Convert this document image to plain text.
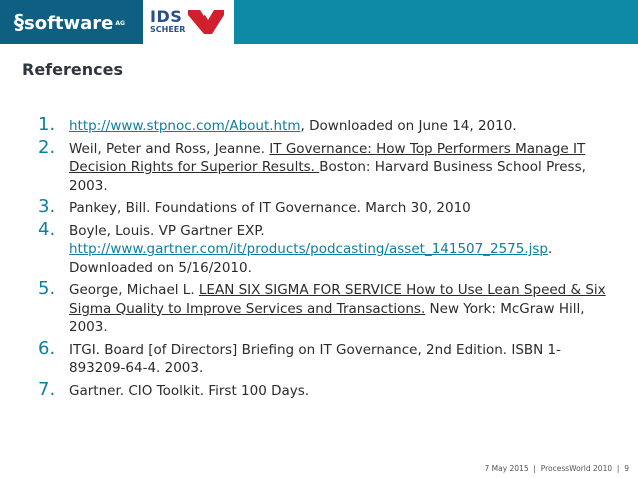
§software AG IDS
SCHEER
References
1. http://www.stpnoc.com/About.htm, Downloaded on June 14, 2010.
2. Weil, Peter and Ross, Jeanne. IT Governance: How Top Performers Manage IT Decision Rights for Superior Results. Boston: Harvard Business School Press, 2003.
3. Pankey, Bill. Foundations of IT Governance. March 30, 2010
4. Boyle, Louis. VP Gartner EXP.
http://www.gartner.com/it/products/podcasting/asset_141507_2575.jsp. Downloaded on 5/16/2010.
5. George, Michael L. LEAN SIX SIGMA FOR SERVICE How to Use Lean Speed & Six Sigma Quality to Improve Services and Transactions. New York: McGraw Hill, 2003.
6. ITGI. Board [of Directors] Briefing on IT Governance, 2nd Edition. ISBN 1-893209-64-4. 2003.
7. Gartner. CIO Toolkit. First 100 Days.
7 May 2015 | ProcessWorld 2010 | 9
